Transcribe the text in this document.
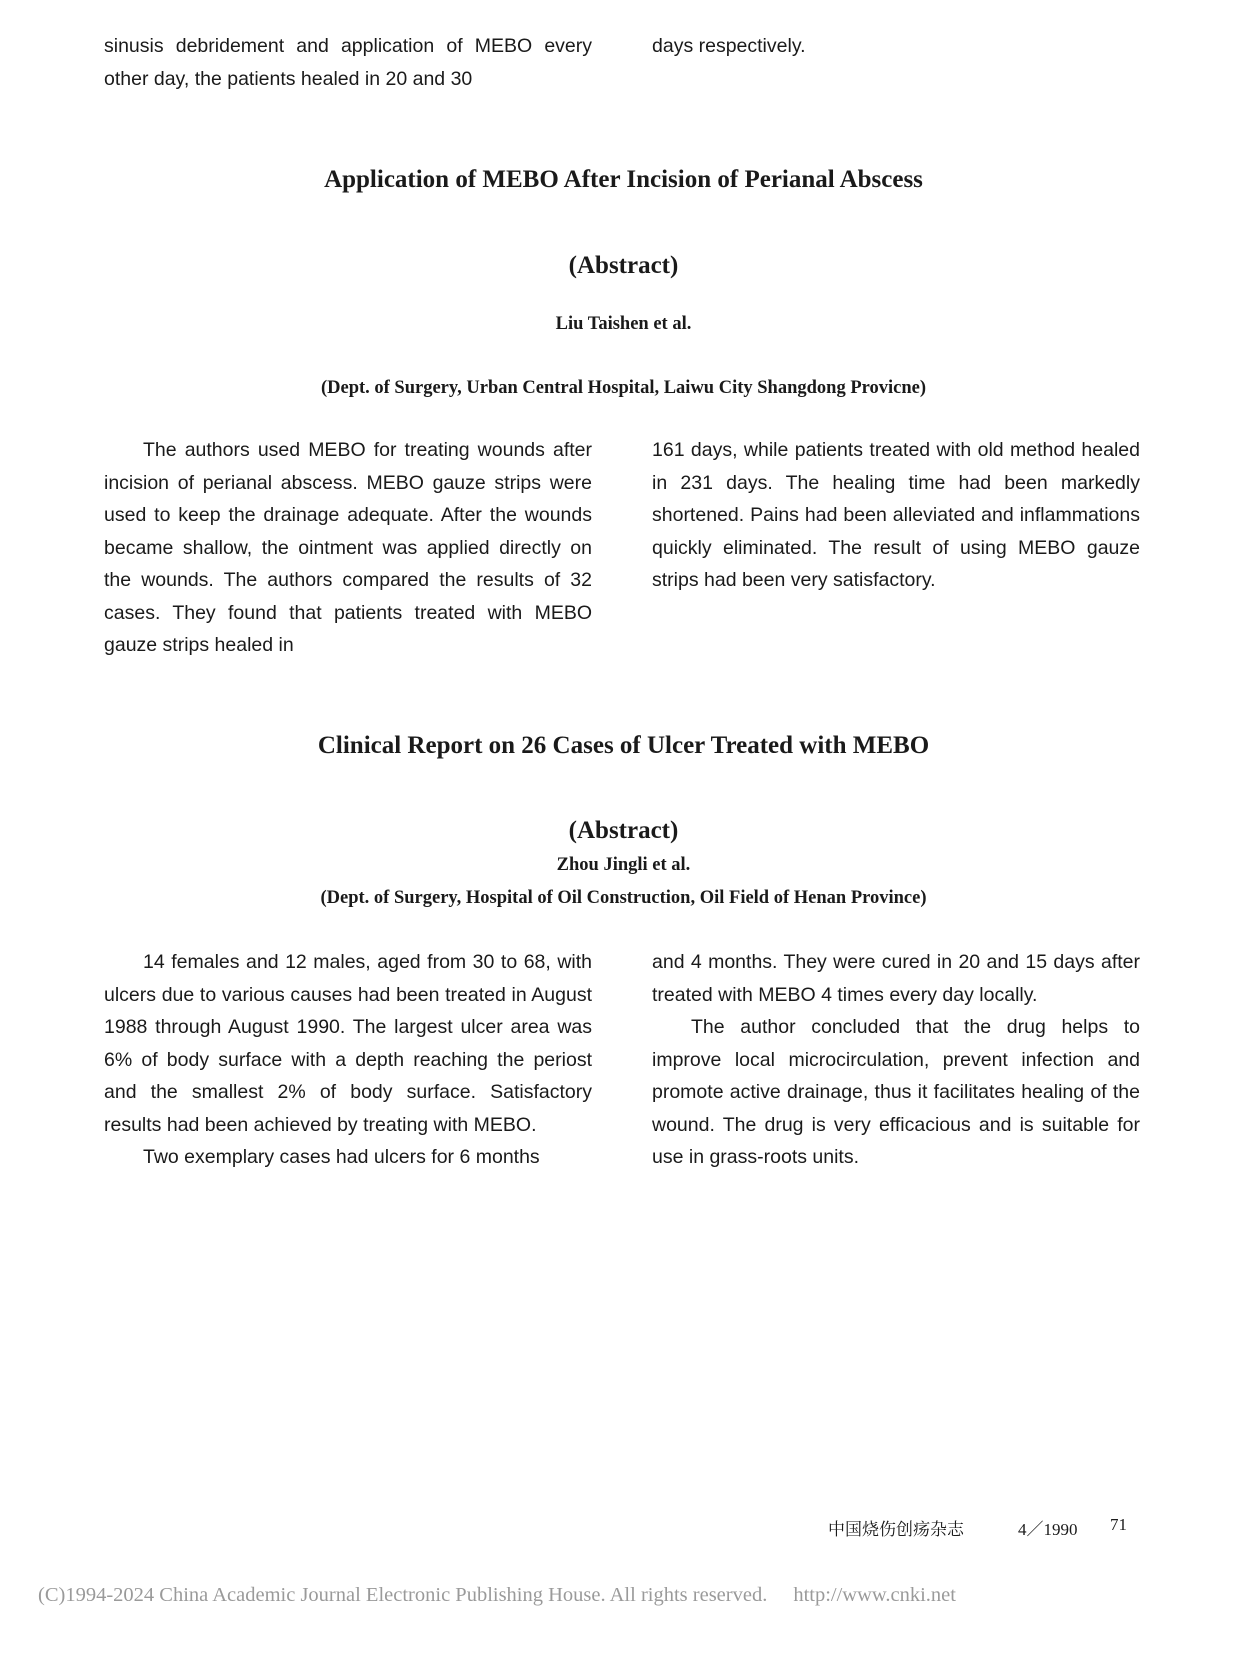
sinusis debridement and application of MEBO every other day, the patients healed in 20 and 30

days respectively.

Application of MEBO After Incision of Perianal Abscess
(Abstract)
Liu Taishen et al.
(Dept. of Surgery, Urban Central Hospital, Laiwu City Shangdong Provicne)

The authors used MEBO for treating wounds after incision of perianal abscess. MEBO gauze strips were used to keep the drainage adequate. After the wounds became shallow, the ointment was applied directly on the wounds. The authors compared the results of 32 cases. They found that patients treated with MEBO gauze strips healed in

161 days, while patients treated with old method healed in 231 days. The healing time had been markedly shortened. Pains had been alleviated and inflammations quickly eliminated. The result of using MEBO gauze strips had been very satisfactory.

Clinical Report on 26 Cases of Ulcer Treated with MEBO
(Abstract)
Zhou Jingli et al.
(Dept. of Surgery, Hospital of Oil Construction, Oil Field of Henan Province)

14 females and 12 males, aged from 30 to 68, with ulcers due to various causes had been treated in August 1988 through August 1990. The largest ulcer area was 6% of body surface with a depth reaching the periost and the smallest 2% of body surface. Satisfactory results had been achieved by treating with MEBO.

Two exemplary cases had ulcers for 6 months

and 4 months. They were cured in 20 and 15 days after treated with MEBO 4 times every day locally.

The author concluded that the drug helps to improve local microcirculation, prevent infection and promote active drainage, thus it facilitates healing of the wound. The drug is very efficacious and is suitable for use in grass-roots units.

中国烧伤创疡杂志	4／1990 71
(C)1994-2024 China Academic Journal Electronic Publishing House. All rights reserved. http://www.cnki.net
